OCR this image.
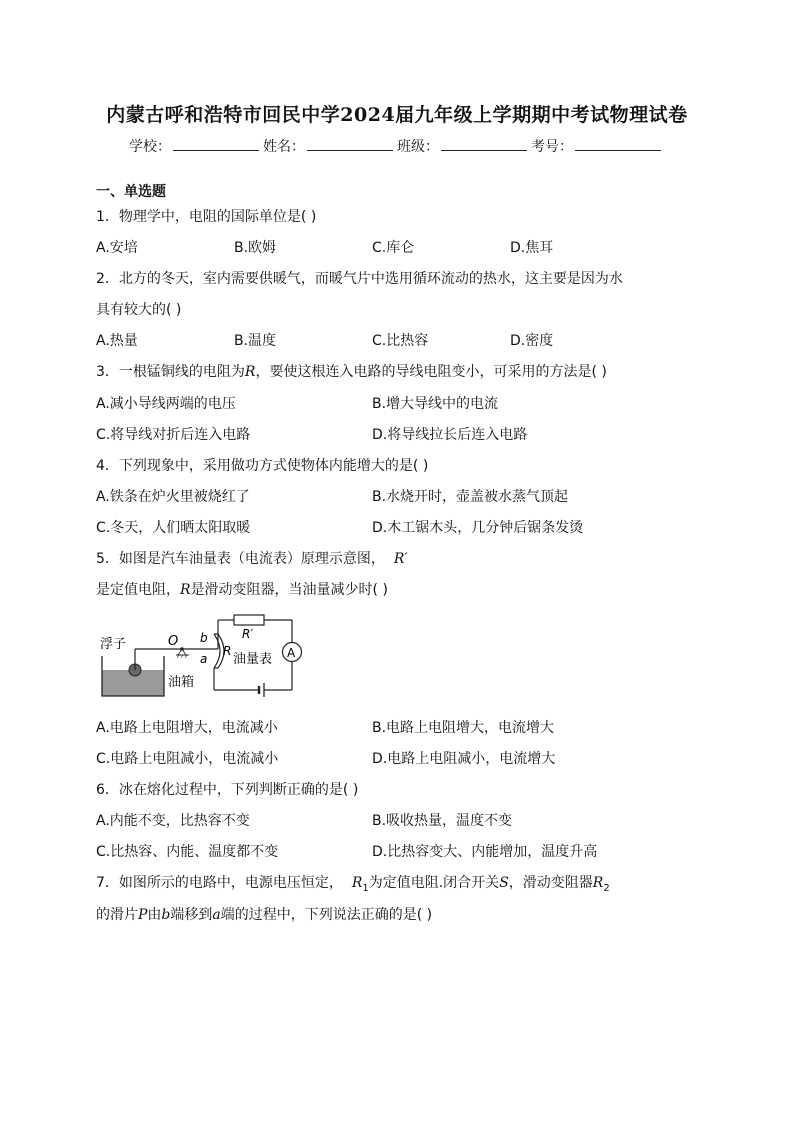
内蒙古呼和浩特市回民中学2024届九年级上学期期中考试物理试卷
学校：	姓名：	班级：	考号：
一、单选题
1．物理学中，电阻的国际单位是( )
A.安培	B.欧姆	C.库仑	D.焦耳
2．北方的冬天，室内需要供暖气，而暖气片中选用循环流动的热水，这主要是因为水
具有较大的( )
A.热量	B.温度	C.比热容	D.密度
3．一根锰铜线的电阻为R，要使这根连入电路的导线电阻变小，可采用的方法是( )
A.减小导线两端的电压	B.增大导线中的电流
C.将导线对折后连入电路	D.将导线拉长后连入电路
4．下列现象中，采用做功方式使物体内能增大的是( )
A.铁条在炉火里被烧红了	B.水烧开时，壶盖被水蒸气顶起
C.冬天，人们晒太阳取暖	D.木工锯木头，几分钟后锯条发烫
5．如图是汽车油量表（电流表）原理示意图， R′
是定值电阻，R是滑动变阻器，当油量减少时( )
浮子	O b
a
R
R′
油量表 A
油箱
A.电路上电阻增大，电流减小	B.电路上电阻增大，电流增大
C.电路上电阻减小，电流减小	D.电路上电阻减小，电流增大
6．冰在熔化过程中，下列判断正确的是( )
A.内能不变，比热容不变	B.吸收热量，温度不变
C.比热容、内能、温度都不变	D.比热容变大、内能增加，温度升高
7．如图所示的电路中，电源电压恒定， $R_1$为定值电阻.闭合开关S，滑动变阻器$R_2$
的滑片P由b端移到a端的过程中，下列说法正确的是( )
